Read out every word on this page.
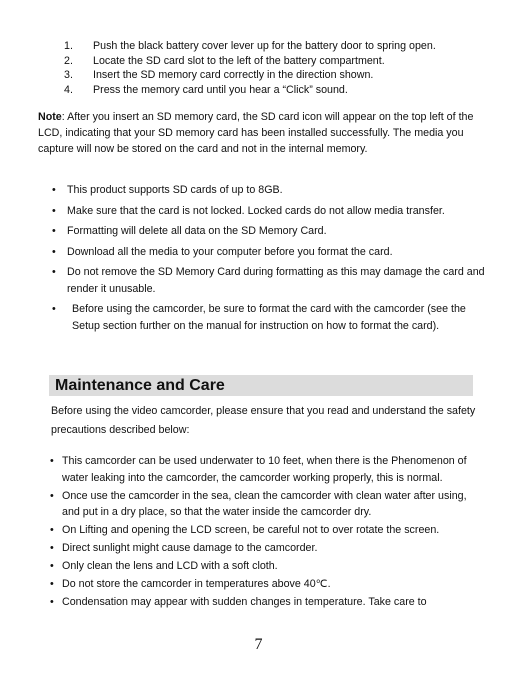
1.	Push the black battery cover lever up for the battery door to spring open.
2.	Locate the SD card slot to the left of the battery compartment.
3.	Insert the SD memory card correctly in the direction shown.
4.	Press the memory card until you hear a “Click” sound.
Note: After you insert an SD memory card, the SD card icon will appear on the top left of the LCD, indicating that your SD memory card has been installed successfully. The media you capture will now be stored on the card and not in the internal memory.
•	This product supports SD cards of up to 8GB.
•	Make sure that the card is not locked. Locked cards do not allow media transfer.
•	Formatting will delete all data on the SD Memory Card.
•	Download all the media to your computer before you format the card.
•	Do not remove the SD Memory Card during formatting as this may damage the card and render it unusable.
•	Before using the camcorder, be sure to format the card with the camcorder (see the Setup section further on the manual for instruction on how to format the card).
Maintenance and Care
Before using the video camcorder, please ensure that you read and understand the safety precautions described below:
• This camcorder can be used underwater to 10 feet, when there is the Phenomenon of water leaking into the camcorder, the camcorder working properly, this is normal.
• Once use the camcorder in the sea, clean the camcorder with clean water after using, and put in a dry place, so that the water inside the camcorder dry.
• On Lifting and opening the LCD screen, be careful not to over rotate the screen.
• Direct sunlight might cause damage to the camcorder.
• Only clean the lens and LCD with a soft cloth.
• Do not store the camcorder in temperatures above 40℃.
• Condensation may appear with sudden changes in temperature. Take care to
7
